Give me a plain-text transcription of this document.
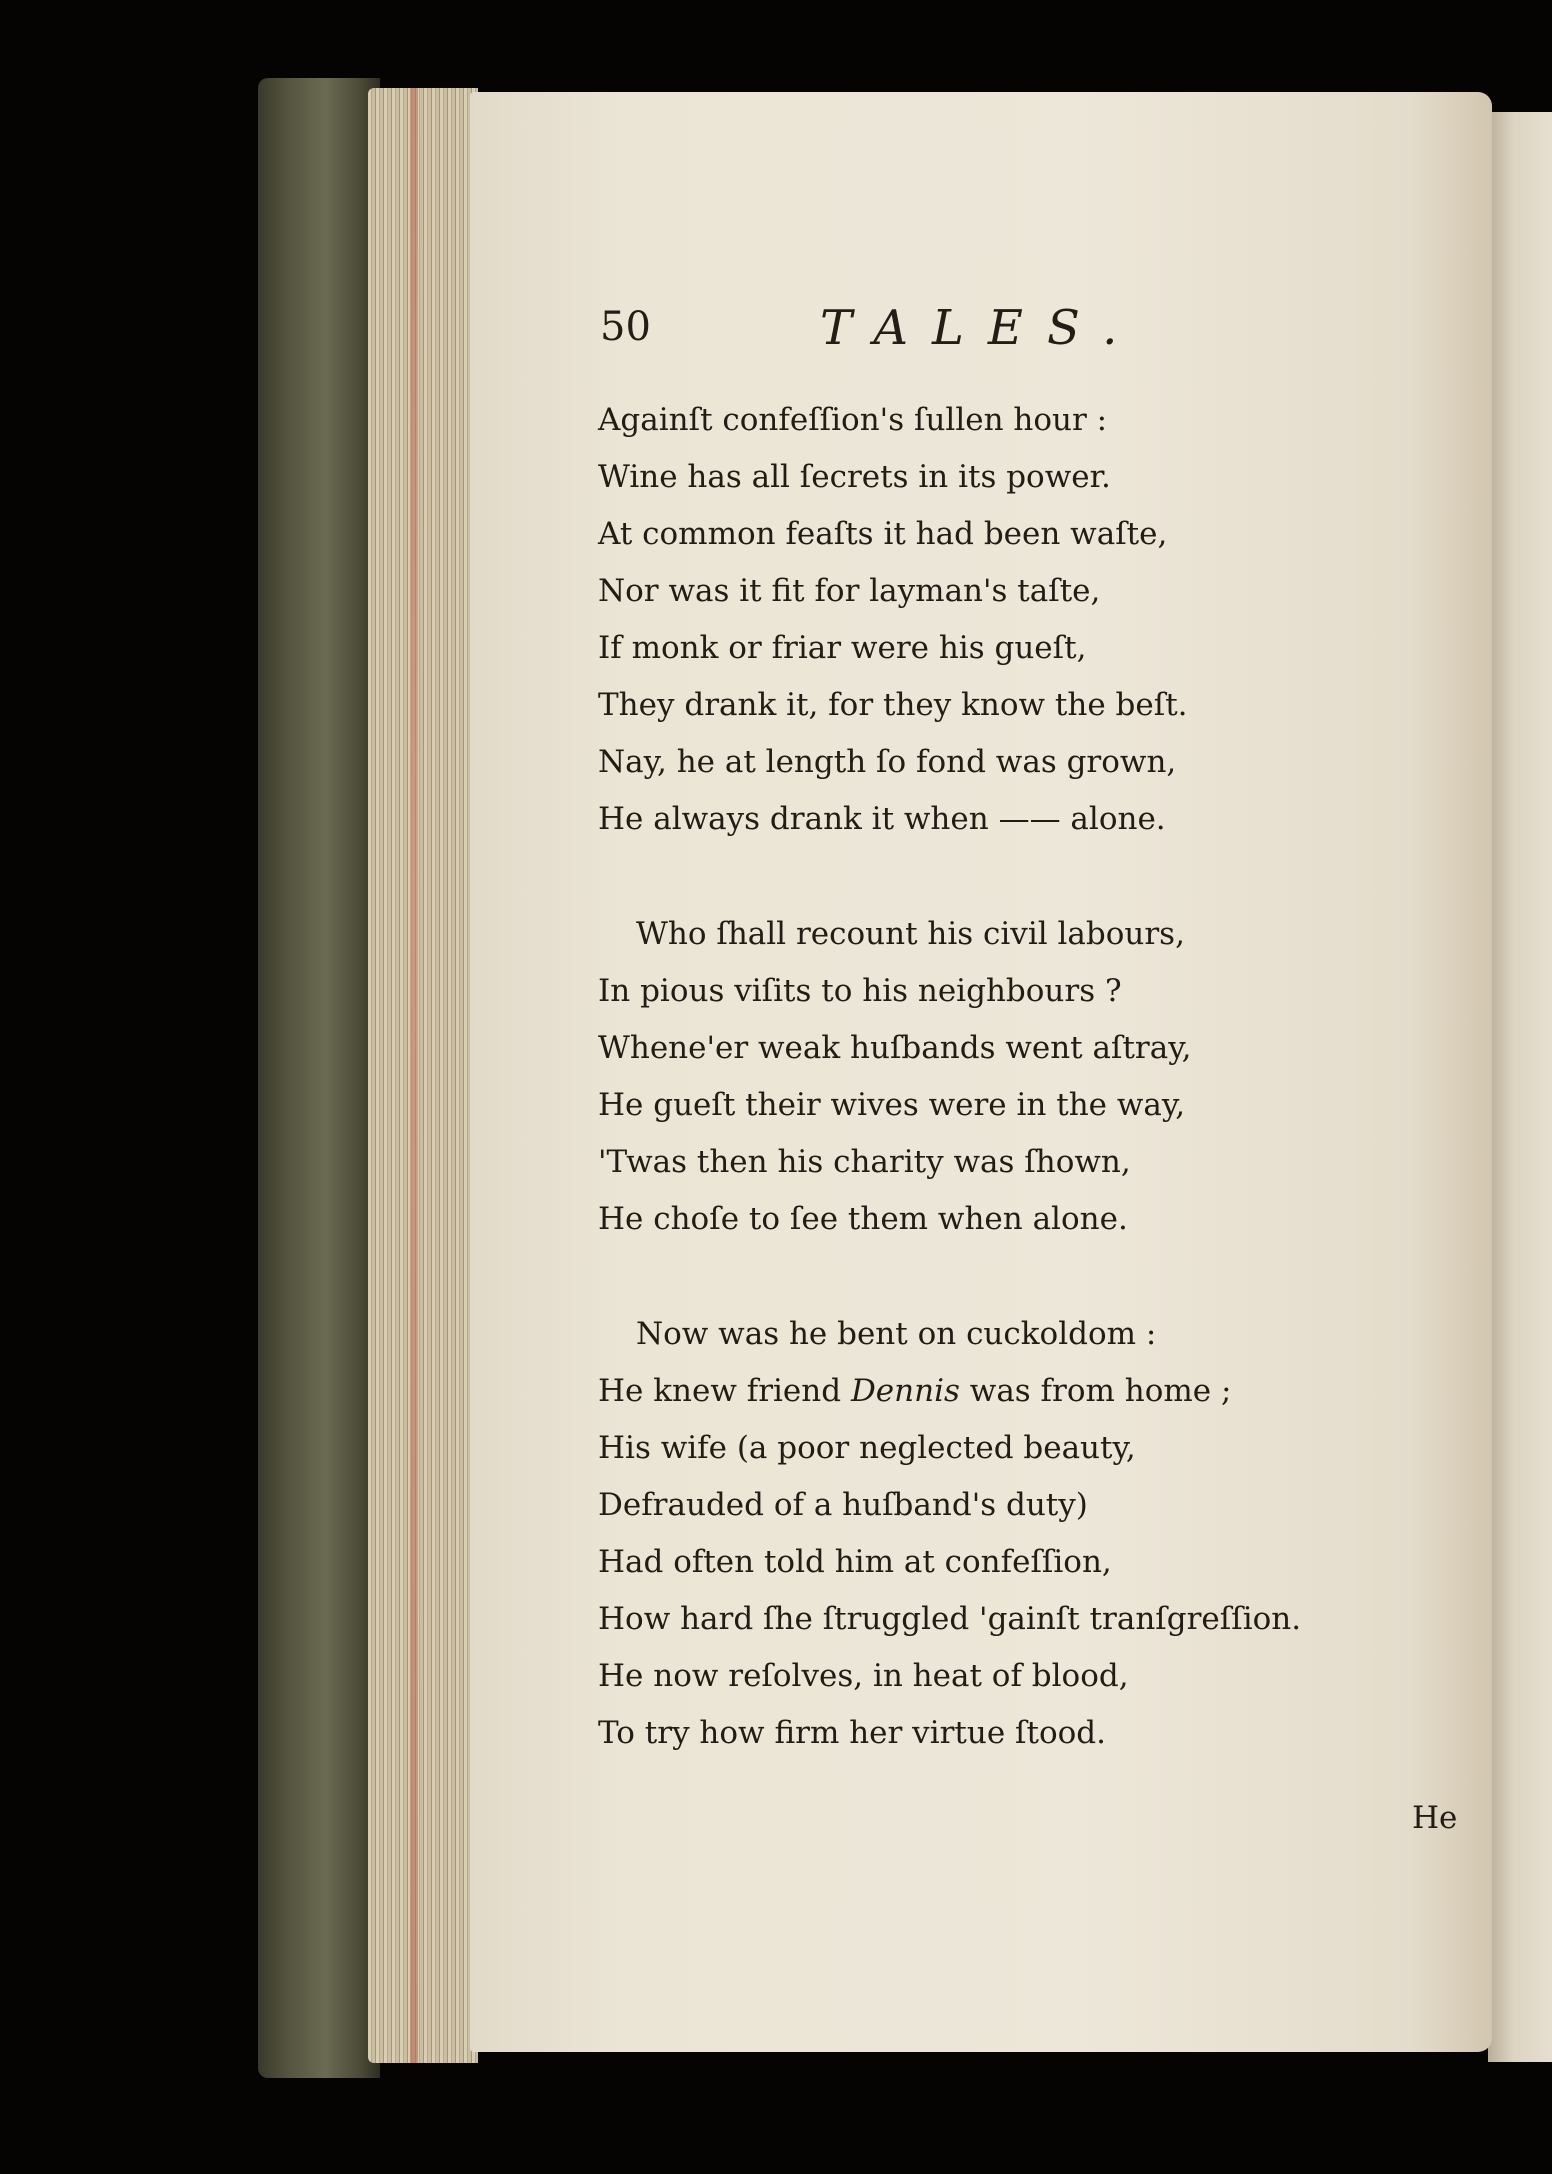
50	TALES.
Againſt confeſſion's ſullen hour :
Wine has all ſecrets in its power.
At common feaſts it had been waſte,
Nor was it fit for layman's taſte,
If monk or friar were his gueſt,
They drank it, for they know the beſt.
Nay, he at length ſo fond was grown,
He always drank it when —— alone.
Who ſhall recount his civil labours,
In pious viſits to his neighbours ?
Whene'er weak huſbands went aſtray,
He gueſt their wives were in the way,
'Twas then his charity was ſhown,
He choſe to ſee them when alone.
Now was he bent on cuckoldom :
He knew friend Dennis was from home ;
His wife (a poor neglected beauty,
Defrauded of a huſband's duty)
Had often told him at confeſſion,
How hard ſhe ſtruggled 'gainſt tranſgreſſion.
He now reſolves, in heat of blood,
To try how firm her virtue ſtood.
He
